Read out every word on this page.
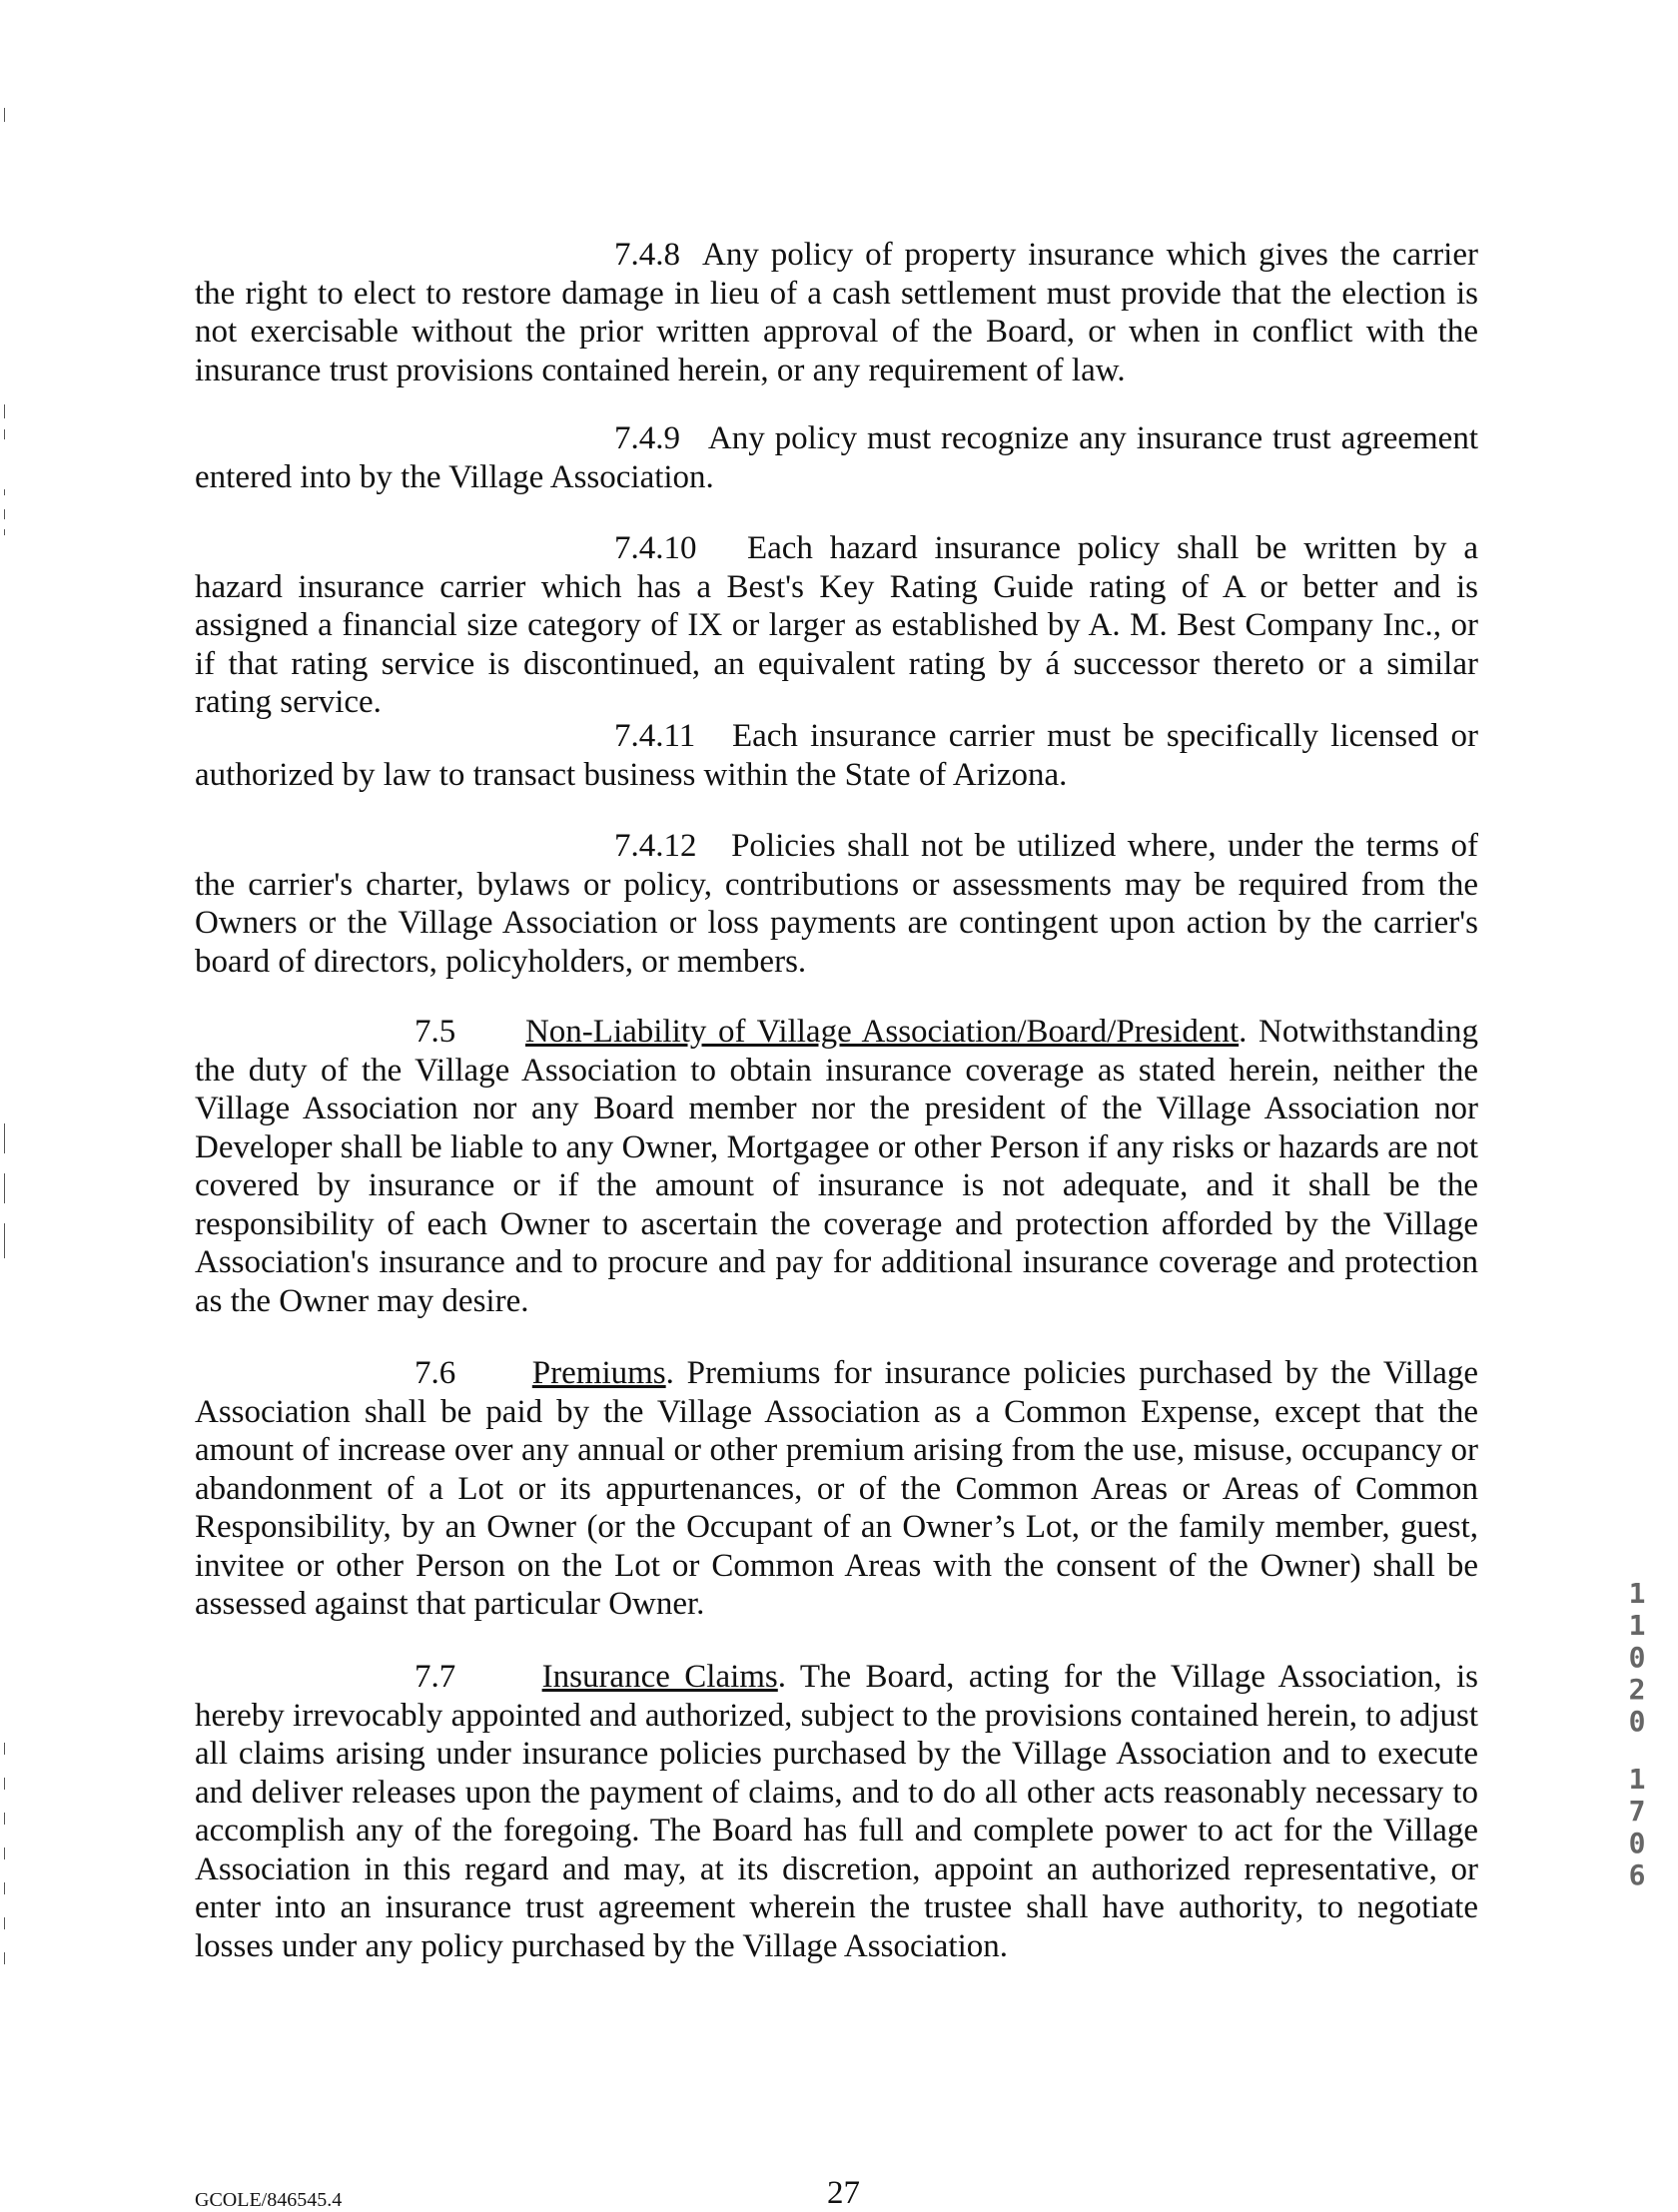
7.4.8 Any policy of property insurance which gives the carrier the right to elect to restore damage in lieu of a cash settlement must provide that the election is not exercisable without the prior written approval of the Board, or when in conflict with the insurance trust provisions contained herein, or any requirement of law.

7.4.9 Any policy must recognize any insurance trust agreement entered into by the Village Association.

7.4.10 Each hazard insurance policy shall be written by a hazard insurance carrier which has a Best's Key Rating Guide rating of A or better and is assigned a financial size category of IX or larger as established by A. M. Best Company Inc., or if that rating service is discontinued, an equivalent rating by á successor thereto or a similar rating service.

7.4.11 Each insurance carrier must be specifically licensed or authorized by law to transact business within the State of Arizona.

7.4.12 Policies shall not be utilized where, under the terms of the carrier's charter, bylaws or policy, contributions or assessments may be required from the Owners or the Village Association or loss payments are contingent upon action by the carrier's board of directors, policyholders, or members.

7.5 Non-Liability of Village Association/Board/President. Notwithstanding the duty of the Village Association to obtain insurance coverage as stated herein, neither the Village Association nor any Board member nor the president of the Village Association nor Developer shall be liable to any Owner, Mortgagee or other Person if any risks or hazards are not covered by insurance or if the amount of insurance is not adequate, and it shall be the responsibility of each Owner to ascertain the coverage and protection afforded by the Village Association's insurance and to procure and pay for additional insurance coverage and protection as the Owner may desire.

7.6 Premiums. Premiums for insurance policies purchased by the Village Association shall be paid by the Village Association as a Common Expense, except that the amount of increase over any annual or other premium arising from the use, misuse, occupancy or abandonment of a Lot or its appurtenances, or of the Common Areas or Areas of Common Responsibility, by an Owner (or the Occupant of an Owner’s Lot, or the family member, guest, invitee or other Person on the Lot or Common Areas with the consent of the Owner) shall be assessed against that particular Owner.

7.7	Insurance Claims. The Board, acting for the Village Association, is hereby irrevocably appointed and authorized, subject to the provisions contained herein, to adjust all claims arising under insurance policies purchased by the Village Association and to execute and deliver releases upon the payment of claims, and to do all other acts reasonably necessary to accomplish any of the foregoing. The Board has full and complete power to act for the Village Association in this regard and may, at its discretion, appoint an authorized representative, or enter into an insurance trust agreement wherein the trustee shall have authority, to negotiate losses under any policy purchased by the Village Association.

1
1
0
2
0
1
7
0
6
GCOLE/846545.4	27
